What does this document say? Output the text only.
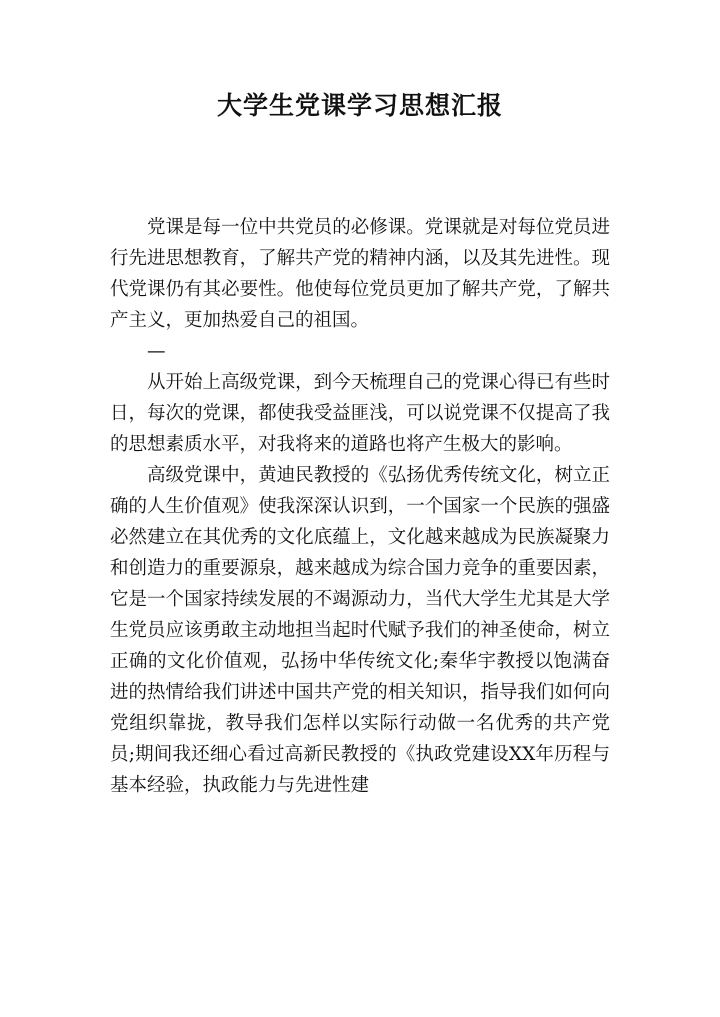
大学生党课学习思想汇报

党课是每一位中共党员的必修课。党课就是对每位党员进行先进思想教育，了解共产党的精神内涵，以及其先进性。现代党课仍有其必要性。他使每位党员更加了解共产党，了解共产主义，更加热爱自己的祖国。

—

从开始上高级党课，到今天梳理自己的党课心得已有些时日，每次的党课，都使我受益匪浅，可以说党课不仅提高了我的思想素质水平，对我将来的道路也将产生极大的影响。

高级党课中，黄迪民教授的《弘扬优秀传统文化，树立正确的人生价值观》使我深深认识到，一个国家一个民族的强盛必然建立在其优秀的文化底蕴上，文化越来越成为民族凝聚力和创造力的重要源泉，越来越成为综合国力竞争的重要因素，它是一个国家持续发展的不竭源动力，当代大学生尤其是大学生党员应该勇敢主动地担当起时代赋予我们的神圣使命，树立正确的文化价值观，弘扬中华传统文化;秦华宇教授以饱满奋进的热情给我们讲述中国共产党的相关知识，指导我们如何向党组织靠拢，教导我们怎样以实际行动做一名优秀的共产党员;期间我还细心看过高新民教授的《执政党建设XX年历程与基本经验，执政能力与先进性建
